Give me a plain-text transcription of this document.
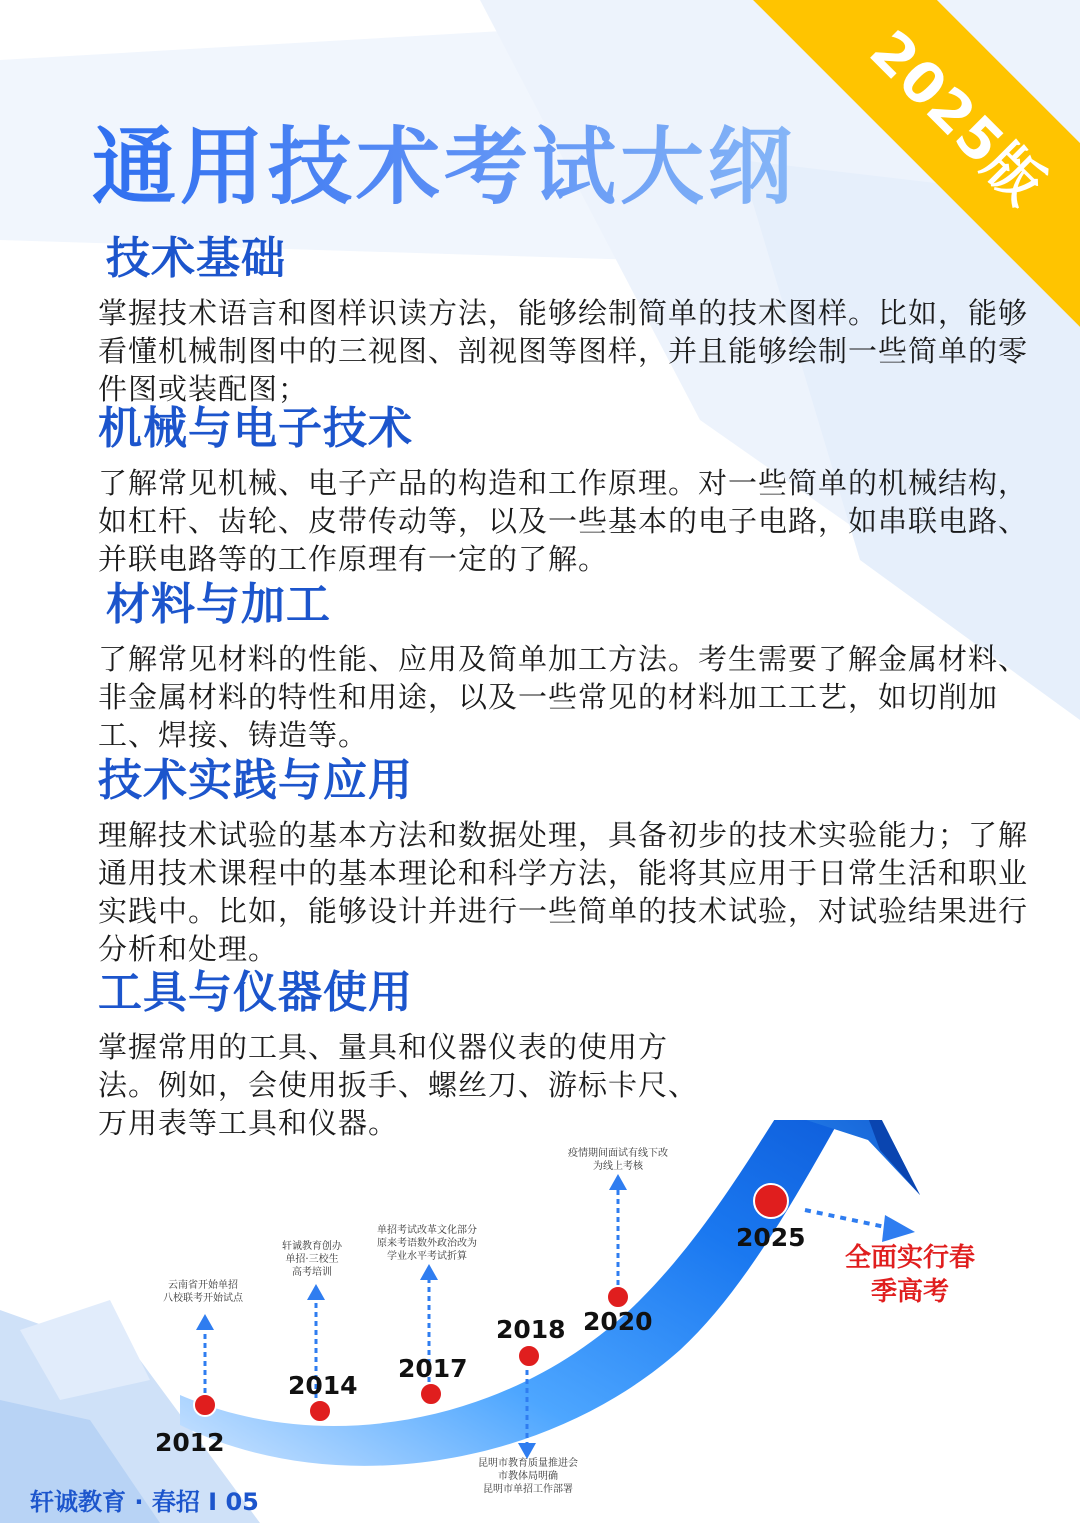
2025版
通用技术考试大纲
技术基础

掌握技术语言和图样识读方法，能够绘制简单的技术图样。比如，能够看懂机械制图中的三视图、剖视图等图样，并且能够绘制一些简单的零件图或装配图；

机械与电子技术

了解常见机械、电子产品的构造和工作原理。对一些简单的机械结构，如杠杆、齿轮、皮带传动等，以及一些基本的电子电路，如串联电路、并联电路等的工作原理有一定的了解。

材料与加工

了解常见材料的性能、应用及简单加工方法。考生需要了解金属材料、非金属材料的特性和用途，以及一些常见的材料加工工艺，如切削加工、焊接、铸造等。

技术实践与应用

理解技术试验的基本方法和数据处理，具备初步的技术实验能力；了解通用技术课程中的基本理论和科学方法，能将其应用于日常生活和职业实践中。比如，能够设计并进行一些简单的技术试验，对试验结果进行分析和处理。

工具与仪器使用

掌握常用的工具、量具和仪器仪表的使用方法。例如，会使用扳手、螺丝刀、游标卡尺、万用表等工具和仪器。

2012
2014
2017
2018 2020
2025
云南省开始单招
八校联考开始试点
轩诚教育创办
单招·三校生
高考培训
单招考试改革文化部分
原来考语数外政治改为
学业水平考试折算
昆明市教育质量推进会
市教体局明确
昆明市单招工作部署
疫情期间面试有线下改
为线上考核
全面实行春
季高考
轩诚教育 · 春招 Ⅰ 05
